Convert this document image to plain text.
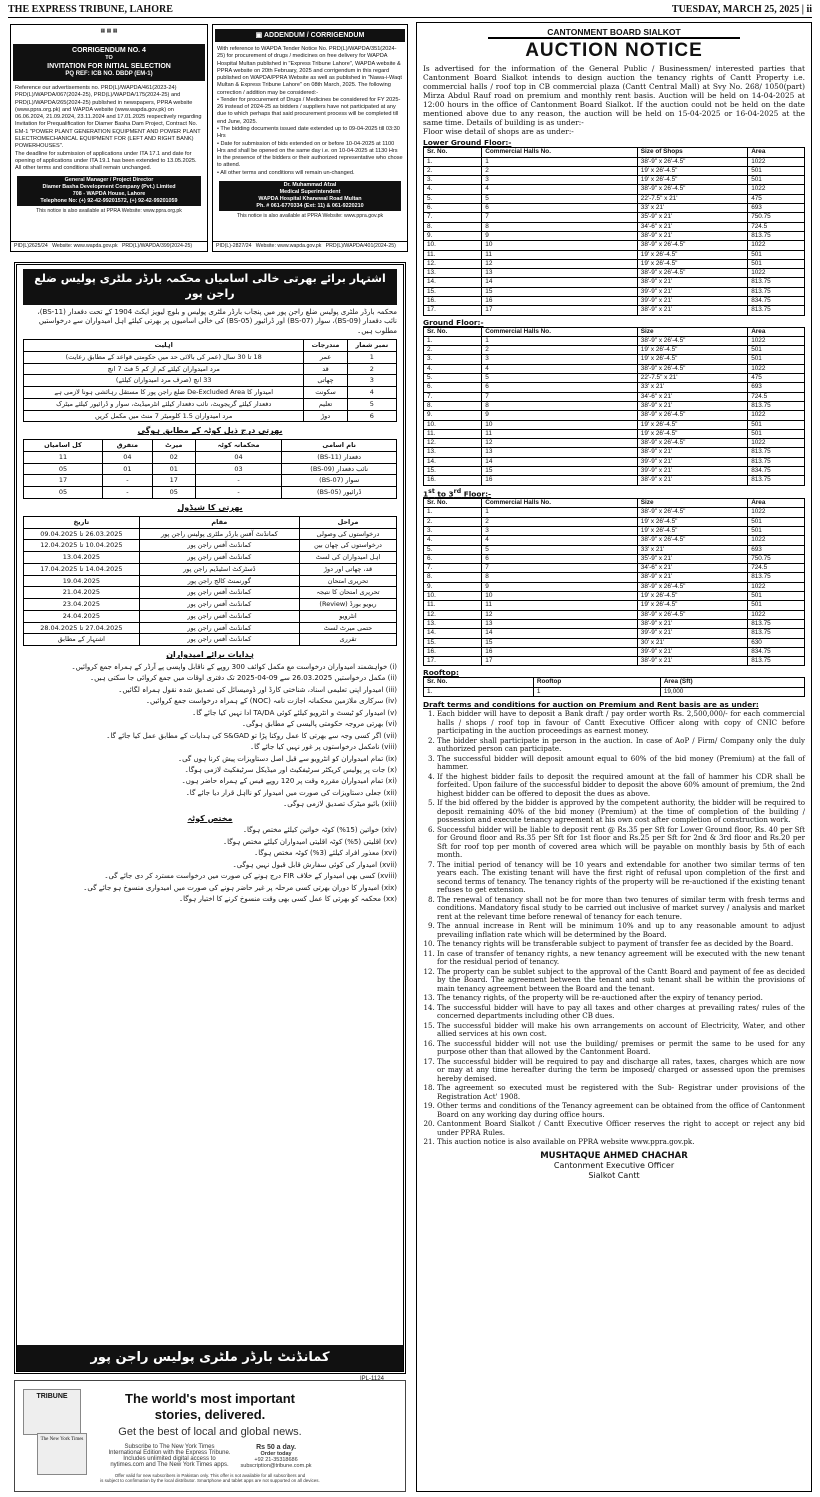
THE EXPRESS TRIBUNE, LAHORE	TUESDAY, MARCH 25, 2025 | ii
▦ ▦ ▦
CORRIGENDUM NO. 4
TO
INVITATION FOR INITIAL SELECTION
PQ REF: ICB NO. DBDP (EM-1)
Reference our advertisements no. PRD(L)/WAPDA/461(2023-24) PRD(L)/WAPDA/067(2024-25), PRD(L)/WAPDA/175(2024-25) and PRD(L)/WAPDA/265(2024-25) published in newspapers, PPRA website (www.ppra.org.pk) and WAPDA website (www.wapda.gov.pk) on 06.06.2024, 21.09.2024, 23.11.2024 and 17.01.2025 respectively regarding Invitation for Prequalification for Diamer Basha Dam Project, Contract No. EM-1 "POWER PLANT GENERATION EQUIPMENT AND POWER PLANT ELECTROMECHANICAL EQUIPMENT FOR (LEFT AND RIGHT BANK) POWERHOUSES".
The deadline for submission of applications under ITA 17.1 and date for opening of applications under ITA 19.1 has been extended to 13.05.2025.
All other terms and conditions shall remain unchanged.
General Manager / Project Director
Diamer Basha Development Company (Pvt.) Limited
708 - WAPDA House, Lahore
Telephone No: (+) 92-42-99201572, (+) 92-42-99201059
This notice is also available at PPRA Website: www.ppra.org.pk
PID(L)2625/24 Website: www.wapda.gov.pk PRD(L)/WAPDA/399(2024-25)
▣ ADDENDUM / CORRIGENDUM
With reference to WAPDA Tender Notice No. PRD(L)/WAPDA/351(2024-25) for procurement of drugs / medicines on free delivery for WAPDA Hospital Multan published in "Express Tribune Lahore", WAPDA website & PPRA website on 20th February, 2025 and corrigendum in this regard published on WAPDA/PPRA Website as well as published in "Nawa-i-Waqt Multan & Express Tribune Lahore" on 08th March, 2025. The following correction / addition may be considered:-
• Tender for procurement of Drugs / Medicines be considered for FY 2025-26 instead of 2024-25 as bidders / suppliers have not participated at any due to which perhaps that said procurement process will be completed till end June, 2025.
• The bidding documents issued date extended up to 09-04-2025 till 03:30 Hrs
• Date for submission of bids extended on or before 10-04-2025 at 1100 Hrs and shall be opened on the same day i.e. on 10-04-2025 at 1130 Hrs in the presence of the bidders or their authorized representative who chose to attend.
• All other terms and conditions will remain un-changed.
Dr. Muhammad Afzal
Medical Superintendent
WAPDA Hospital Khanewal Road Multan
Ph. # 061-6770334 (Ext: 11) & 061-9220210
This notice is also available at PPRA Website: www.ppra.gov.pk
PID(L)-2827/24 Website: www.wapda.gov.pk PRD(L)/WAPDA/401(2024-25)
اشتہار برائے بھرتی خالی اسامیاں محکمہ بارڈر ملٹری پولیس ضلع راجن پور
محکمہ بارڈر ملٹری پولیس ضلع راجن پور میں پنجاب بارڈر ملٹری پولیس و بلوچ لیویز ایکٹ 1904 کے تحت دفعدار (BS-11)، نائب دفعدار (BS-09)، سوار (BS-07) اور ڈرائیور (BS-05) کی خالی اسامیوں پر بھرتی کیلئے اہل امیدواران سے درخواستیں مطلوب ہیں۔
نمبر شمار	مندرجات	اہلیت
1	عمر	18 تا 30 سال (عمر کی بالائی حد میں حکومتی قواعد کے مطابق رعایت)
2	قد	مرد امیدواران کیلئے کم از کم 5 فٹ 7 انچ
3	چھاتی	33 انچ (صرف مرد امیدواران کیلئے)
4	سکونت	امیدوار کا De-Excluded Area ضلع راجن پور کا مستقل رہائشی ہونا لازمی ہے
5	تعلیم	دفعدار کیلئے گریجویٹ، نائب دفعدار کیلئے انٹرمیڈیٹ، سوار و ڈرائیور کیلئے میٹرک
6	دوڑ	مرد امیدواران 1.5 کلومیٹر 7 منٹ میں مکمل کریں
بھرتی درج ذیل کوٹہ کے مطابق ہوگی
نام اسامی	محکمانہ کوٹہ	میرٹ	متفرق	کل اسامیاں
دفعدار (BS-11)	04	02	04	11
نائب دفعدار (BS-09)	03	01	01	05
سوار (BS-07)	-	17	-	17
ڈرائیور (BS-05)	-	05	-	05
بھرتی کا شیڈول
مراحل	مقام	تاریخ
درخواستوں کی وصولی	کمانڈنٹ آفس بارڈر ملٹری پولیس راجن پور	26.03.2025 تا 09.04.2025
درخواستوں کی چھان بین	کمانڈنٹ آفس راجن پور	10.04.2025 تا 12.04.2025
اہل امیدواران کی لسٹ	کمانڈنٹ آفس راجن پور	13.04.2025
قد، چھاتی اور دوڑ	ڈسٹرکٹ اسٹیڈیم راجن پور	14.04.2025 تا 17.04.2025
تحریری امتحان	گورنمنٹ کالج راجن پور	19.04.2025
تحریری امتحان کا نتیجہ	کمانڈنٹ آفس راجن پور	21.04.2025
ریویو بورڈ (Review)	کمانڈنٹ آفس راجن پور	23.04.2025
انٹرویو	کمانڈنٹ آفس راجن پور	24.04.2025
حتمی میرٹ لسٹ	کمانڈنٹ آفس راجن پور	27.04.2025 تا 28.04.2025
تقرری	کمانڈنٹ آفس راجن پور	اشتہار کے مطابق
ہدایات برائے امیدواران
(i) خواہشمند امیدواران درخواست مع مکمل کوائف 300 روپے کے ناقابل واپسی پے آرڈر کے ہمراہ جمع کروائیں۔
(ii) مکمل درخواستیں 26.03.2025 سے 09-04-2025 تک دفتری اوقات میں جمع کروائی جا سکتی ہیں۔
(iii) امیدوار اپنی تعلیمی اسناد، شناختی کارڈ اور ڈومیسائل کی تصدیق شدہ نقول ہمراہ لگائیں۔
(iv) سرکاری ملازمین محکمانہ اجازت نامہ (NOC) کے ہمراہ درخواست جمع کروائیں۔
(v) امیدوار کو ٹیسٹ و انٹرویو کیلئے کوئی TA/DA ادا نہیں کیا جائے گا۔
(vi) بھرتی مروجہ حکومتی پالیسی کے مطابق ہوگی۔
(vii) اگر کسی وجہ سے بھرتی کا عمل روکنا پڑا تو S&GAD کی ہدایات کے مطابق عمل کیا جائے گا۔
(viii) نامکمل درخواستوں پر غور نہیں کیا جائے گا۔
(ix) تمام امیدواران کو انٹرویو سے قبل اصل دستاویزات پیش کرنا ہوں گی۔
(x) جات پر پولیس کریکٹر سرٹیفکیٹ اور میڈیکل سرٹیفکیٹ لازمی ہوگا۔
(xi) تمام امیدواران مقررہ وقت پر 120 روپے فیس کے ہمراہ حاضر ہوں۔
(xii) جعلی دستاویزات کی صورت میں امیدوار کو نااہل قرار دیا جائے گا۔
(xiii) بائیو میٹرک تصدیق لازمی ہوگی۔
مختص کوٹہ
(xiv) خواتین (15%) کوٹہ خواتین کیلئے مختص ہوگا۔
(xv) اقلیتی (5%) کوٹہ اقلیتی امیدواران کیلئے مختص ہوگا۔
(xvi) معذور افراد کیلئے (3%) کوٹہ مختص ہوگا۔
(xvii) امیدوار کی کوئی سفارش قابل قبول نہیں ہوگی۔
(xviii) کسی بھی امیدوار کے خلاف FIR درج ہونے کی صورت میں درخواست مسترد کر دی جائے گی۔
(xix) امیدوار کا دوران بھرتی کسی مرحلہ پر غیر حاضر ہونے کی صورت میں امیدواری منسوخ ہو جائے گی۔
(xx) محکمہ کو بھرتی کا عمل کسی بھی وقت منسوخ کرنے کا اختیار ہوگا۔
کمانڈنٹ بارڈر ملٹری پولیس راجن پور
IPL-1124
TRIBUNE
The New York Times
The world's most important
stories, delivered.
Get the best of local and global news.
Subscribe to The New York Times
International Edition with the Express Tribune.
Includes unlimited digital access to
nytimes.com and The New York Times apps.
Rs 50 a day.
Order today
+92 21-35318686
subscription@tribune.com.pk
Offer valid for new subscribers in Pakistan only. This offer is not available for all subscribers and
is subject to confirmation by the local distributor. Smartphone and tablet apps are not supported on all devices.
CANTONMENT BOARD SIALKOT
AUCTION NOTICE

Is advertised for the information of the General Public / Businessmen/ interested parties that Cantonment Board Sialkot intends to design auction the tenancy rights of Cantt Property i.e. commercial halls / roof top in CB commercial plaza (Cantt Central Mall) at Svy No. 268/ 1050(part) Mirza Abdul Rauf road on premium and monthly rent basis. Auction will be held on 14-04-2025 at 12:00 hours in the office of Cantonment Board Sialkot. If the auction could not be held on the date mentioned above due to any reason, the auction will be held on 15-04-2025 or 16-04-2025 at the same time. Details of building is as under:-

Floor wise detail of shops are as under:-

Lower Ground Floor:-
Sr. No.	Commercial Halls No.	Size of Shops	Area
1.	1	38'-9" x 26'-4.5"	1022
2.	2	19' x 26'-4.5"	501
3.	3	19' x 26'-4.5"	501
4.	4	38'-9" x 26'-4.5"	1022
5.	5	22'-7.5" x 21'	475
6.	6	33' x 21'	693
7.	7	35'-9" x 21'	750.75
8.	8	34'-6" x 21'	724.5
9.	9	38'-9" x 21'	813.75
10.	10	38'-9" x 26'-4.5"	1022
11.	11	19' x 26'-4.5"	501
12.	12	19' x 26'-4.5"	501
13.	13	38'-9" x 26'-4.5"	1022
14.	14	38'-9" x 21'	813.75
15.	15	39'-9" x 21'	813.75
16.	16	39'-9" x 21'	834.75
17.	17	38'-9" x 21'	813.75
Ground Floor:-
Sr. No.	Commercial Halls No.	Size	Area
1.	1	38'-9" x 26'-4.5"	1022
2.	2	19' x 26'-4.5"	501
3.	3	19' x 26'-4.5"	501
4.	4	38'-9" x 26'-4.5"	1022
5.	5	22'-7.5" x 21'	475
6.	6	33' x 21'	693
7.	7	34'-6" x 21'	724.5
8.	8	38'-9" x 21'	813.75
9.	9	38'-9" x 26'-4.5"	1022
10.	10	19' x 26'-4.5"	501
11.	11	19' x 26'-4.5"	501
12.	12	38'-9" x 26'-4.5"	1022
13.	13	38'-9" x 21'	813.75
14.	14	39'-9" x 21'	813.75
15.	15	39'-9" x 21'	834.75
16.	16	38'-9" x 21'	813.75
1st to 3rd Floor:-
Sr. No.	Commercial Halls No.	Size	Area
1.	1	38'-9" x 26'-4.5"	1022
2.	2	19' x 26'-4.5"	501
3.	3	19' x 26'-4.5"	501
4.	4	38'-9" x 26'-4.5"	1022
5.	5	33' x 21'	693
6.	6	35'-9" x 21'	750.75
7.	7	34'-6" x 21'	724.5
8.	8	38'-9" x 21'	813.75
9.	9	38'-9" x 26'-4.5"	1022
10.	10	19' x 26'-4.5"	501
11.	11	19' x 26'-4.5"	501
12.	12	38'-9" x 26'-4.5"	1022
13.	13	38'-9" x 21'	813.75
14.	14	39'-9" x 21'	813.75
15.	15	30' x 21'	630
16.	16	39'-9" x 21'	834.75
17.	17	38'-9" x 21'	813.75
Rooftop:
Sr. No.	Rooftop	Area (Sft)
1.	1	19,000
Draft terms and conditions for auction on Premium and Rent basis are as under:
1. Each bidder will have to deposit a Bank draft / pay order worth Rs. 2,500,000/- for each commercial halls / shops / roof top in favour of Cantt Executive Officer along with copy of CNIC before participating in the auction proceedings as earnest money.
2. The bidder shall participate in person in the auction. In case of AoP / Firm/ Company only the duly authorized person can participate.
3. The successful bidder will deposit amount equal to 60% of the bid money (Premium) at the fall of hammer.
4. If the highest bidder fails to deposit the required amount at the fall of hammer his CDR shall be forfeited. Upon failure of the successful bidder to deposit the above 60% amount of premium, the 2nd highest bidder can be offered to deposit the dues as above.
5. If the bid offered by the bidder is approved by the competent authority, the bidder will be required to deposit remaining 40% of the bid money (Premium) at the time of completion of the building / possession and execute tenancy agreement at his own cost after completion of construction work.
6. Successful bidder will be liable to deposit rent @ Rs.35 per Sft for Lower Ground floor, Rs. 40 per Sft for Ground floor and Rs.35 per Sft for 1st floor and Rs.25 per Sft for 2nd & 3rd floor and Rs.20 per Sft for roof top per month of covered area which will be payable on monthly basis by 5th of each month.
7. The initial period of tenancy will be 10 years and extendable for another two similar terms of ten years each. The existing tenant will have the first right of refusal upon completion of the first and second terms of tenancy. The tenancy rights of the property will be re-auctioned if the existing tenant refuses to get extension.
8. The renewal of tenancy shall not be for more than two tenures of similar term with fresh terms and conditions. Mandatory fiscal study to be carried out inclusive of market survey / analysis and market rent at the relevant time before renewal of tenancy for each tenure.
9. The annual increase in Rent will be minimum 10% and up to any reasonable amount to adjust prevailing inflation rate which will be determined by the Board.
10. The tenancy rights will be transferable subject to payment of transfer fee as decided by the Board.
11. In case of transfer of tenancy rights, a new tenancy agreement will be executed with the new tenant for the residual period of tenancy.
12. The property can be sublet subject to the approval of the Cantt Board and payment of fee as decided by the Board. The agreement between the tenant and sub tenant shall be within the provisions of main tenancy agreement between the Board and the tenant.
13. The tenancy rights, of the property will be re-auctioned after the expiry of tenancy period.
14. The successful bidder will have to pay all taxes and other charges at prevailing rates/ rules of the concerned departments including other CB dues.
15. The successful bidder will make his own arrangements on account of Electricity, Water, and other allied services at his own cost.
16. The successful bidder will not use the building/ premises or permit the same to be used for any purpose other than that allowed by the Cantonment Board.
17. The successful bidder will be required to pay and discharge all rates, taxes, charges which are now or may at any time hereafter during the term be imposed/ charged or assessed upon the premises hereby demised.
18. The agreement so executed must be registered with the Sub- Registrar under provisions of the Registration Act' 1908.
19. Other terms and conditions of the Tenancy agreement can be obtained from the office of Cantonment Board on any working day during office hours.
20. Cantonment Board Sialkot / Cantt Executive Officer reserves the right to accept or reject any bid under PPRA Rules.
21. This auction notice is also available on PPRA website www.ppra.gov.pk.
MUSHTAQUE AHMED CHACHAR
Cantonment Executive Officer
Sialkot Cantt
